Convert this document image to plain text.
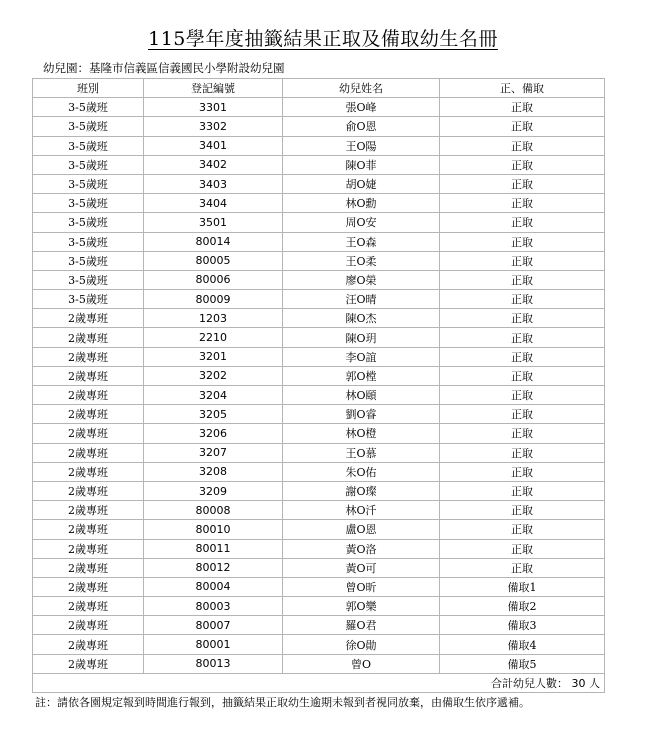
115學年度抽籤結果正取及備取幼生名冊
幼兒園：基隆市信義區信義國民小學附設幼兒園
班別	登記編號	幼兒姓名	正、備取
3-5歲班	3301	張O峰	正取
3-5歲班	3302	俞O恩	正取
3-5歲班	3401	王O陽	正取
3-5歲班	3402	陳O菲	正取
3-5歲班	3403	胡O婕	正取
3-5歲班	3404	林O勳	正取
3-5歲班	3501	周O安	正取
3-5歲班	80014	王O森	正取
3-5歲班	80005	王O柔	正取
3-5歲班	80006	廖O榮	正取
3-5歲班	80009	汪O晴	正取
2歲專班	1203	陳O杰	正取
2歲專班	2210	陳O玥	正取
2歲專班	3201	李O誼	正取
2歲專班	3202	郭O樘	正取
2歲專班	3204	林O頤	正取
2歲專班	3205	劉O睿	正取
2歲專班	3206	林O橙	正取
2歲專班	3207	王O慕	正取
2歲專班	3208	朱O佑	正取
2歲專班	3209	謝O璨	正取
2歲專班	80008	林O汘	正取
2歲專班	80010	盧O恩	正取
2歲專班	80011	黃O洛	正取
2歲專班	80012	黃O可	正取
2歲專班	80004	曾O昕	備取1
2歲專班	80003	郭O樂	備取2
2歲專班	80007	羅O君	備取3
2歲專班	80001	徐O勛	備取4
2歲專班	80013	曾O	備取5
合計幼兒人數： 30 人			
註：請依各園規定報到時間進行報到，抽籤結果正取幼生逾期未報到者視同放棄，由備取生依序遞補。
